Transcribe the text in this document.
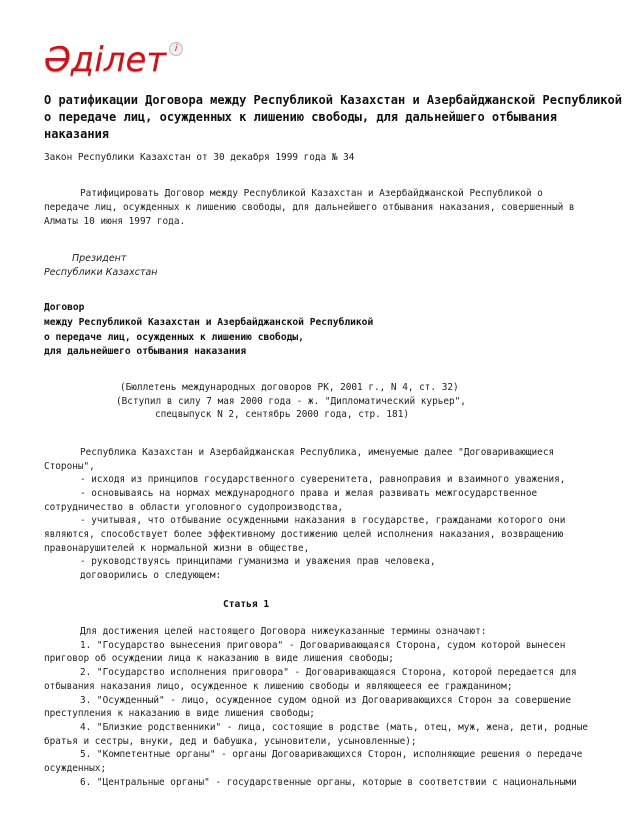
Әділет i
О ратификации Договора между Республикой Казахстан и Азербайджанской Республикой
о передаче лиц, осужденных к лишению свободы, для дальнейшего отбывания
наказания
Закон Республики Казахстан от 30 декабря 1999 года № 34
Ратифицировать Договор между Республикой Казахстан и Азербайджанской Республикой о
передаче лиц, осужденных к лишению свободы, для дальнейшего отбывания наказания, совершенный в
Алматы 10 июня 1997 года.
Президент
Республики Казахстан
Договор
между Республикой Казахстан и Азербайджанской Республикой
о передаче лиц, осужденных к лишению свободы,
для дальнейшего отбывания наказания
(Бюллетень международных договоров РК, 2001 г., N 4, ст. 32)
(Вступил в силу 7 мая 2000 года - ж. "Дипломатический курьер",
спецвыпуск N 2, сентябрь 2000 года, стр. 181)
Республика Казахстан и Азербайджанская Республика, именуемые далее "Договаривающиеся
Стороны",
- исходя из принципов государственного суверенитета, равноправия и взаимного уважения,
- основываясь на нормах международного права и желая развивать межгосударственное
сотрудничество в области уголовного судопроизводства,
- учитывая, что отбывание осужденными наказания в государстве, гражданами которого они
являются, способствует более эффективному достижению целей исполнения наказания, возвращению
правонарушителей к нормальной жизни в обществе,
- руководствуясь принципами гуманизма и уважения прав человека,
договорились о следующем:
Статья 1
Для достижения целей настоящего Договора нижеуказанные термины означают:
1. "Государство вынесения приговора" - Договаривающаяся Сторона, судом которой вынесен
приговор об осуждении лица к наказанию в виде лишения свободы;
2. "Государство исполнения приговора" - Договаривающаяся Сторона, которой передается для
отбывания наказания лицо, осужденное к лишению свободы и являющееся ее гражданином;
3. "Осужденный" - лицо, осужденное судом одной из Договаривающихся Сторон за совершение
преступления к наказанию в виде лишения свободы;
4. "Близкие родственники" - лица, состоящие в родстве (мать, отец, муж, жена, дети, родные
братья и сестры, внуки, дед и бабушка, усыновители, усыновленные);
5. "Компетентные органы" - органы Договаривающихся Сторон, исполняющие решения о передаче
осужденных;
6. "Центральные органы" - государственные органы, которые в соответствии с национальными
